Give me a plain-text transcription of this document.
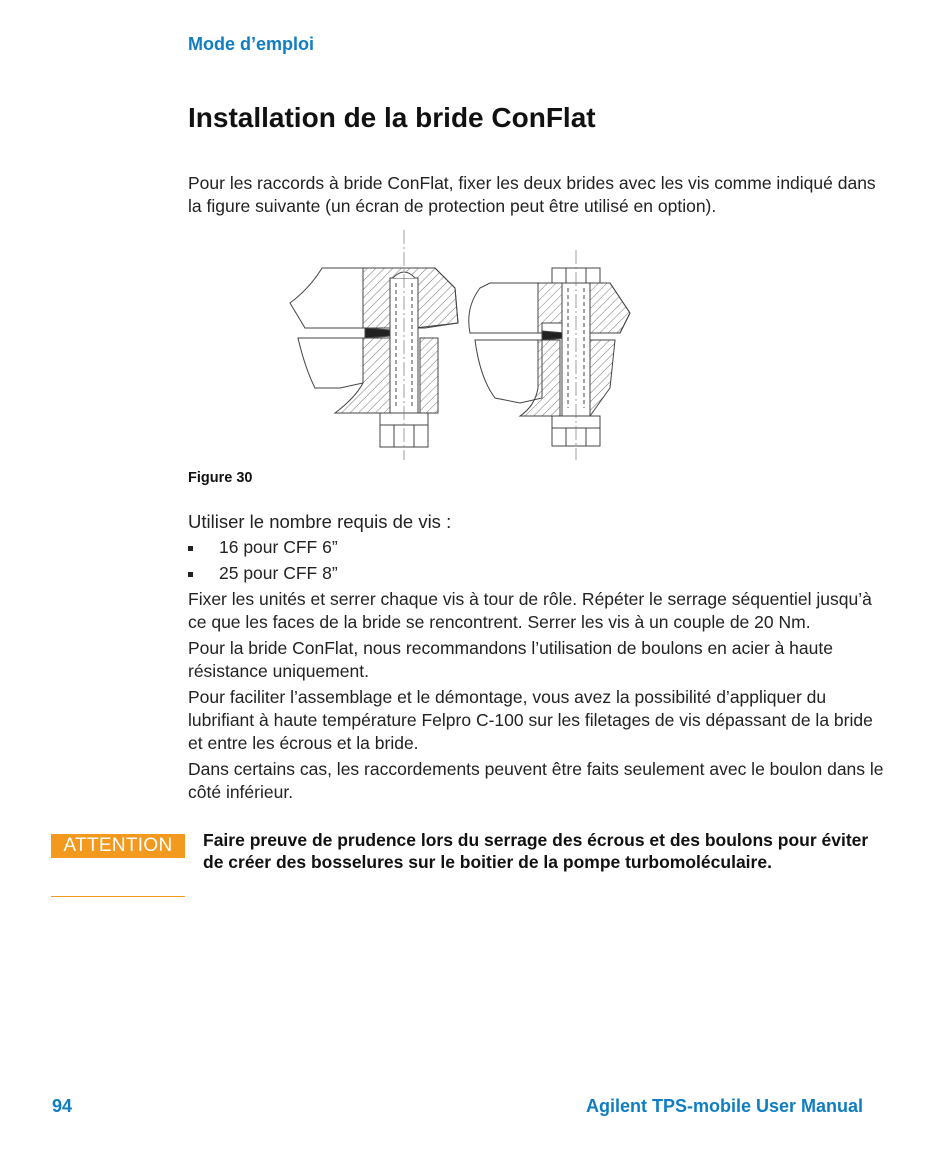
Mode d’emploi
Installation de la bride ConFlat

Pour les raccords à bride ConFlat, fixer les deux brides avec les vis comme indiqué dans la figure suivante (un écran de protection peut être utilisé en option).

Figure 30

Utiliser le nombre requis de vis :

16 pour CFF 6”
25 pour CFF 8”

Fixer les unités et serrer chaque vis à tour de rôle. Répéter le serrage séquentiel jusqu’à ce que les faces de la bride se rencontrent. Serrer les vis à un couple de 20 Nm.

Pour la bride ConFlat, nous recommandons l’utilisation de boulons en acier à haute résistance uniquement.

Pour faciliter l’assemblage et le démontage, vous avez la possibilité d’appliquer du lubrifiant à haute température Felpro C-100 sur les filetages de vis dépassant de la bride et entre les écrous et la bride.

Dans certains cas, les raccordements peuvent être faits seulement avec le boulon dans le côté inférieur.

ATTENTION	Faire preuve de prudence lors du serrage des écrous et des boulons pour éviter de créer des bosselures sur le boitier de la pompe turbomoléculaire.

94	Agilent TPS-mobile User Manual
